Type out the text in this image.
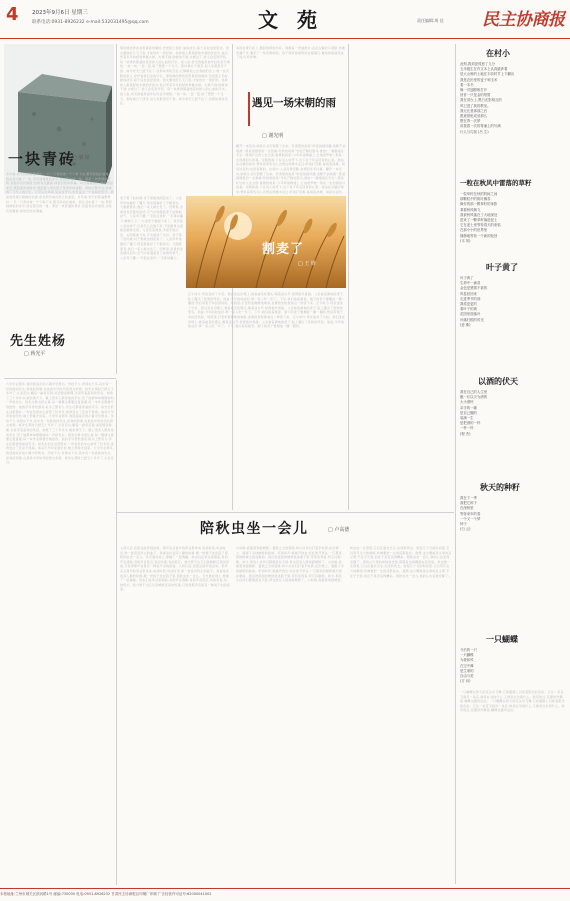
4 2023年9月6日 星期三
联系电话:0931-8926232 e-mail:532031495@qq.com	文 苑	责任编辑:周 佳 民主协商报
一块青砖
□ 梁 征
多年前,老宅的院墙整修时,一只一只青砖被一个个取下来,整齐码放在墙角。我从其中挑了一块,带回到城里的家中,放在阳台的一角。那是一块普通的青砖,表面有些许斑驳,边角有些磨损,却依旧结实厚重。每当我看到它,就会想起老宅,想起童年的时光,想起祖父母在院子里劳作的身影。青砖沉默无言,却承载了几代人的记忆。它见证过风雨,见证过岁月,也见证过一个家庭的变迁。我常常抚摸它粗糙的表面,感受那份来自泥土的温度。多年前,老宅的院墙整修时,一只一只青砖被一个个取下来,整齐码放在墙角。我从其中挑了一块,带回到城里的家中,放在阳台的一角。那是一块普通的青砖,表面有些许斑驳,边角有些磨损,却依旧结实厚重。
那时候的青砖是用黄泥烧制的,先把泥土和好,做成砖坯,晾干后放进窑里烧。窑火要烧好几天几夜,才能烧出一窑好砖。烧砖的人都是经验丰富的老把式,他们凭着多年的经验掌握火候。火候不到,砖就烧不透;火候过了,砖又会变形开裂。每一块青砖都凝结着烧砖人的心血和汗水。祖父说,老宅的墙是他年轻时亲手砌的,一块一块,一层一层,砌了整整一个冬天。那时候日子清苦,但大家都很有干劲。如今老宅已经不在了,但那块青砖还在,它静静地立在我的阳台上,像一位沉默的老人,守护着我们家的记忆。那时候的青砖是用黄泥烧制的,先把泥土和好,做成砖坯,晾干后放进窑里烧。窑火要烧好几天几夜,才能烧出一窑好砖。烧砖的人都是经验丰富的老把式,他们凭着多年的经验掌握火候。火候不到,砖就烧不透;火候过了,砖又会变形开裂。每一块青砖都凝结着烧砖人的心血和汗水。祖父说,老宅的墙是他年轻时亲手砌的,一块一块,一层一层,砌了整整一个冬天。那时候日子清苦,但大家都很有干劲。如今老宅已经不在了,但那块青砖还在。	遇见一场宋朝的雨
□ 谢光明
雨落在青石板上,溅起细碎的水花。我撑着一把油纸伞,走在古镇的小巷里,仿佛穿越千年,遇见了一场宋朝的雨。巷子两旁是斑驳的白墙黛瓦,檐角的雨滴连成了线,叮咚作响。
翻开一本宋词,雨就从书页里飘了出来。李清照的雨是“昨夜雨疏风骤,浓睡不消残酒”,那是闺阁里的一点愁绪;苏轼的雨是“竹杖芒鞋轻胜马,谁怕?一蓑烟雨任平生”,那是旷达的人生态度;蒋捷的雨是“少年听雨歌楼上,红烛昏罗帐”,那是一生的漂泊与沧桑。宋朝的雨,下在词人的笔下,也下在千年后读者的心里。我站在古镇的雨中,想象着那些词人也曾这样撑伞走过,听雨打芭蕉,看雨落池塘。雨是诗意的,也是寂寞的。在雨中,人会变得安静,会想起许多往事。翻开一本宋词,雨就从书页里飘了出来。李清照的雨是“昨夜雨疏风骤,浓睡不消残酒”,那是闺阁里的一点愁绪;苏轼的雨是“竹杖芒鞋轻胜马,谁怕?一蓑烟雨任平生”,那是旷达的人生态度;蒋捷的雨是“少年听雨歌楼上,红烛昏罗帐”,那是一生的漂泊与沧桑。宋朝的雨,下在词人的笔下,也下在千年后读者的心里。我站在古镇的雨中,想象着那些词人也曾这样撑伞走过,听雨打芭蕉,看雨落池塘。雨是诗意的,
先生姓杨
□ 蒋光平
大学毕业那年,我回到家乡的小镇中学教书。学校不大,老师也不多,其中有一位姓杨的先生,是我的同事,也是我中学时代的语文老师。杨先生那时已经五十多岁了,头发花白,戴着一副老花镜,说话慢条斯理,总是带着温和的笑容。他教了三十多年书,桃李满天下。镇上很多人都是他的学生,见了他都恭恭敬敬地叫一声杨先生。杨先生教书很认真,每一篇课文都要反复备课,每一本作业都要仔细批改。他的字写得很漂亮,板书工整有力,学生们都喜欢看他写字。杨先生的生活很简朴,一件灰色的中山装穿了好多年,洗得发白了还舍不得换。他每天早早来到学校,晚上很晚才回家。大学毕业那年,我回到家乡的小镇中学教书。学校不大,老师也不多,其中有一位姓杨的先生,是我的同事,也是我中学时代的语文老师。杨先生那时已经五十多岁了,头发花白,戴着一副老花镜,说话慢条斯理,总是带着温和的笑容。他教了三十多年书,桃李满天下。镇上很多人都是他的学生,见了他都恭恭敬敬地叫一声杨先生。杨先生教书很认真,每一篇课文都要反复备课,每一本作业都要仔细批改。他的字写得很漂亮,板书工整有力,学生们都喜欢看他写字。杨先生的生活很简朴,一件灰色的中山装穿了好多年,洗得发白了还舍不得换。他每天早早来到学校,晚上很晚才回家。大学毕业那年,我回到家乡的小镇中学教书。学校不大,老师也不多,其中有一位姓杨的先生,是我的同事,也是我中学时代的语文老师。杨先生那时已经五十多岁了,头发花白。
麦子黄了的时候,村子里就热闹起来了。父亲早早地磨好了镰刀,母亲准备好了干粮和水。天刚蒙蒙亮,我们一家人就出发了。田野里,金黄的麦浪随风起伏,空气中弥漫着麦子成熟的香气。父亲弯下腰,一手抓住麦秆,一手挥动镰刀,嚓嚓几下,一大把麦子就割下来了。我学着父亲的样子,可是怎么也割不好,不是割得太高就是割得太低。父亲笑着教我,手把手地示范。太阳渐渐升高,汗水湿透了衣衫。麦子黄了的时候,村子里就热闹起来了。父亲早早地磨好了镰刀,母亲准备好了干粮和水。天刚蒙蒙亮,我们一家人就出发了。田野里,金黄的麦浪随风起伏,空气中弥漫着麦子成熟的香气。父亲弯下腰,一手抓住麦秆,一手挥动镰刀。
割麦了
□ 王 铎
正午时分,母亲送来了午饭。我们坐在田埂上,就着咸菜吃馒头,喝着凉白开,觉得格外香甜。父亲看着满地的麦子,脸上露出了欣慰的笑容。他说,今年的收成好,够一家人吃一年了。下午,我们接着割麦。割下的麦子要捆成一捆一捆的,然后用架子车拉回场院。场院里,打麦机轰隆隆地响着,金黄的麦粒像雨点一样落下来。正午时分,母亲送来了午饭。我们坐在田埂上,就着咸菜吃馒头,喝着凉白开,觉得格外香甜。父亲看着满地的麦子,脸上露出了欣慰的笑容。他说,今年的收成好,够一家人吃一年了。下午,我们接着割麦。割下的麦子要捆成一捆一捆的,然后用架子车拉回场院。场院里,打麦机轰隆隆地响着,金黄的麦粒像雨点一样落下来。正午时分,母亲送来了午饭。我们坐在田埂上,就着咸菜吃馒头,喝着凉白开,觉得格外香甜。父亲看着满地的麦子,脸上露出了欣慰的笑容。他说,今年的收成好,够一家人吃一年了。下午,我们接着割麦。割下的麦子要捆成一捆一捆的。
陪秋虫坐一会儿	□ 卢高德
入秋以后,夜里总能听到虫鸣。那声音从窗外的草丛里传来,时高时低,时远时近,像一首没有终止的曲子。我常常在夜深人静的时候,搬一把椅子坐在院子里,陪秋虫坐一会儿。月光洒在地上,像铺了一层薄霜。秋虫们在草丛里唱着,有的声音清脆,有的声音低沉,有的急促,有的悠长。我分辨不出它们是蟋蟀还是纺织娘,只觉得那声音里有一种说不出的寂寥。入秋以后,夜里总能听到虫鸣。那声音从窗外的草丛里传来,时高时低,时远时近,像一首没有终止的曲子。我常常在夜深人静的时候,搬一把椅子坐在院子里,陪秋虫坐一会儿。月光洒在地上,像铺了一层薄霜。秋虫们在草丛里唱着,有的声音清脆,有的声音低沉,有的急促,有的悠长。我分辨不出它们是蟋蟀还是纺织娘,只觉得那声音里有一种说不出的寂寥。
小时候,我最喜欢捉蟋蟀。夏秋之交的夜晚,和小伙伴们打着手电筒,在田埂上、墙根下寻找蟋蟀的踪迹。听到叫声,就循声找去,轻轻拨开草丛,一只黑亮的蟋蟀就出现在眼前。我们把捉到的蟋蟀装进瓶子里,带回家养着,听它们唱歌。如今,那些小伙伴们都散落在天涯,再也没有人陪我捉蟋蟀了。小时候,我最喜欢捉蟋蟀。夏秋之交的夜晚,和小伙伴们打着手电筒,在田埂上、墙根下寻找蟋蟀的踪迹。听到叫声,就循声找去,轻轻拨开草丛,一只黑亮的蟋蟀就出现在眼前。我们把捉到的蟋蟀装进瓶子里,带回家养着,听它们唱歌。如今,那些小伙伴们都散落在天涯,再也没有人陪我捉蟋蟀了。小时候,我最喜欢捉蟋蟀。
秋虫的一生很短,它们在夏末出生,在深秋死去。短短几个月的时间里,它们用尽全力地歌唱,仿佛要把一生的话都说完。我想,这大概就是生命的意义吧,不在于长短,而在于是否活得精彩。陪秋虫坐一会儿,我的心也变得安静了。那些白天里的烦恼和忧愁,都随着虫鸣飘散在夜风里。秋虫的一生很短,它们在夏末出生,在深秋死去。短短几个月的时间里,它们用尽全力地歌唱,仿佛要把一生的话都说完。我想,这大概就是生命的意义吧,不在于长短,而在于是否活得精彩。陪秋虫坐一会儿,我的心也变得安静了。
在村小
此刻,我须更孤独了几分
五年级生在作文本上认真跋涉着
是大山般的土地在丰收时节上下翻出
我是农田里的麦子和玉米
看一本书
像一对翅膀般打开
回首一只是金的短暂
我在讲台上,黑白光影相互的
风卫进了我的教室。
我无比者那那之后
愿意领驼成爱那么
整在背一次梦
用我看一次的背诵上的写满
行人与鸟窝 (吕 生)
一粒在秋风中雷落的草籽
一粒草籽在秋的枝柯之间
那颗粒中的树叶飘零
像你的那一颗草籽的身影
乘着秋风飘飞
我被秋风落在了大地深处
进来了一颗草籽落进泥土
它在泥土里等待春天的来临
在那小小的世界里
静静地等待一个新的轮回
(木 易)
叶子黄了
叶子黄了
生命中一滴泪
金色是感情不衰的
风卷回回来
走进季节的那
我将更更的
看叶子的黄
花园里面落叶
叶落归根的时光
(爱 斯)
以酒的伏天
我在自己的人生里
酿一坛以天为酒的
大小酒杯
亲手的一碗
是自己酿的
装满一生
是把酒的一杯
一杯一杯
(程 杰)
秋天的种籽
我在下一季
我把它种下
在深秋里
等待来年的春
一个又一个梦
种子
(白 云)
一只蝴蝶
今后的一只
一只蝴蝶
为我和风
在空中舞
是生命的
自由与美
(方 向)
一只蝴蝶在秋天的花丛中飞舞,它的翅膀上闪烁着阳光的色彩。它从一朵花飞到另一朵花,像是在寻找什么,又像是在告别什么。秋风吹过,花瓣纷纷飘落,蝴蝶也随风远去。一只蝴蝶在秋天的花丛中飞舞,它的翅膀上闪烁着阳光的色彩。它从一朵花飞到另一朵花,像是在寻找什么,又像是在告别什么。秋风吹过,花瓣纷纷飘落,蝴蝶也随风远去。
本报地址:兰州市城关区滨河路1号 邮编:730030 电话:0931-8926232 甘肃民主协商报社印刷厂印刷 广告经营许可证号:62000041002
